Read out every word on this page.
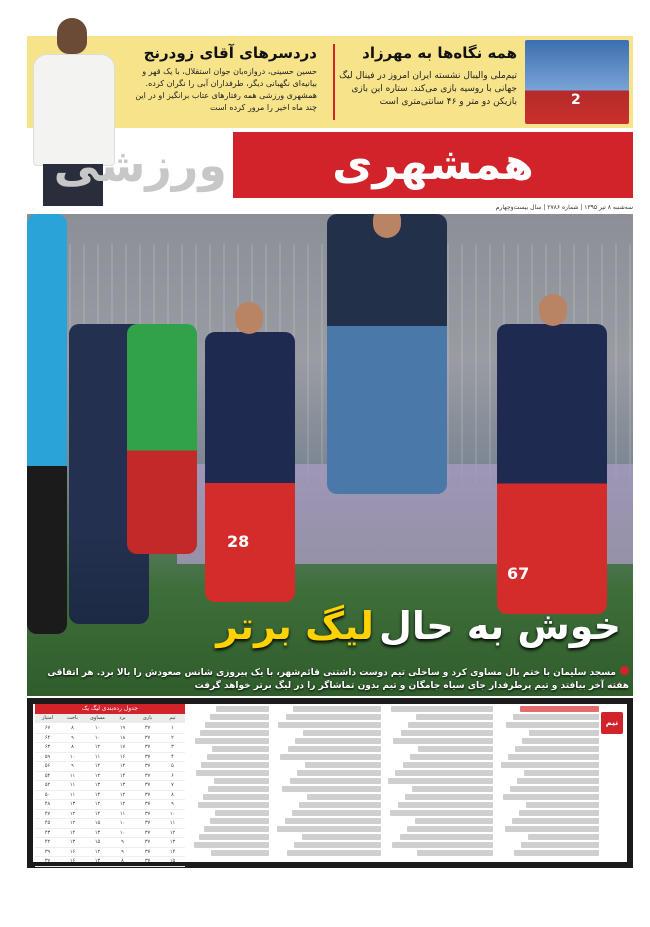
2
همه نگاه‌ها به مهرزاد
تیم‌ملی والیبال نشسته ایران امروز در فینال لیگ جهانی با روسیه بازی می‌کند. ستاره این بازی بازیکن دو متر و ۴۶ سانتی‌متری است
دردسرهای آقای زودرنج
حسین حسینی، دروازه‌بان جوان استقلال، با یک قهر و بیانیه‌ای نگهبانی دیگر، طرفداران آبی را نگران کرده. همشهری ورزشی همه رفتارهای عتاب برانگیز او در این چند ماه اخیر را مرور کرده است
همشهری
ورزشی
سه‌شنبه ۸ تیر ۱۳۹۵ | شماره ۲۷۸۶ | سال بیست‌وچهارم
28
67
خوش به حال لیگ برتر
مسجد سلیمان با ختم بال مساوی کرد و ساحلی تیم دوست داشتنی قائم‌شهر، با یک پیروزی شانس صعودش را بالا برد. هر اتفاقی هفته آخر بیافتد و تیم پرطرفدار جای سیاه جامگان و تیم بدون تماشاگر را در لیگ برتر خواهد گرفت
جدول رده‌بندی لیگ یک
تیم
بازی
برد
مساوی
باخت
امتیاز
۱
۳۷
۱۹
۱۰
۸
۶۷
۲
۳۷
۱۸
۱۰
۹
۶۴
۳
۳۷
۱۷
۱۲
۸
۶۳
۴
۳۷
۱۶
۱۱
۱۰
۵۹
۵
۳۷
۱۴
۱۴
۹
۵۶
۶
۳۷
۱۴
۱۲
۱۱
۵۴
۷
۳۷
۱۳
۱۳
۱۱
۵۲
۸
۳۷
۱۲
۱۴
۱۱
۵۰
۹
۳۷
۱۲
۱۲
۱۳
۴۸
۱۰
۳۷
۱۱
۱۴
۱۲
۴۷
۱۱
۳۷
۱۰
۱۵
۱۲
۴۵
۱۲
۳۷
۱۰
۱۳
۱۴
۴۳
۱۳
۳۷
۹
۱۵
۱۳
۴۲
۱۴
۳۷
۹
۱۲
۱۶
۳۹
۱۵
۳۷
۸
۱۳
۱۶
۳۷
نیم
